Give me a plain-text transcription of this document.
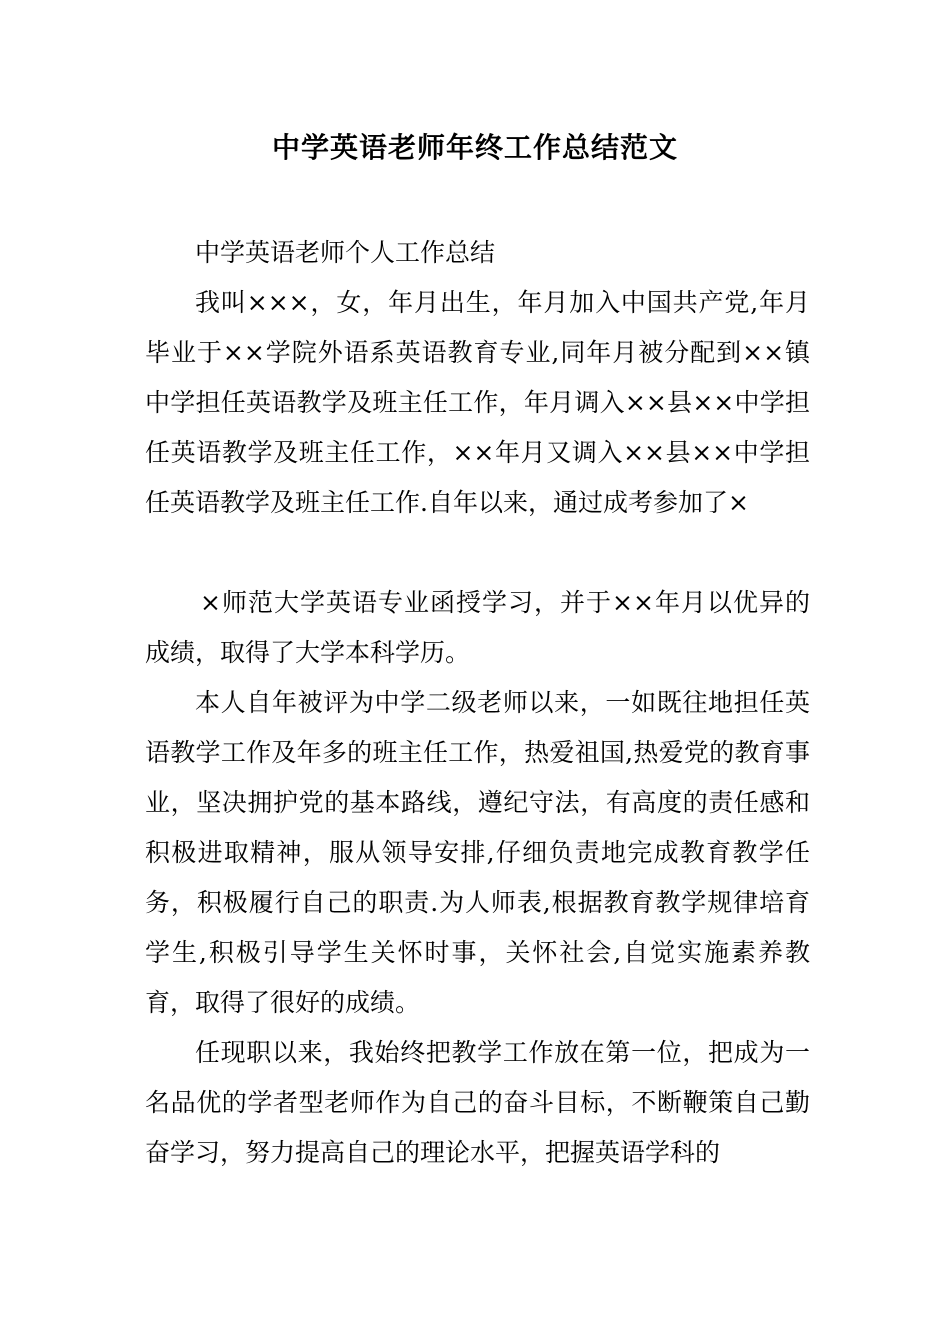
中学英语老师年终工作总结范文

中学英语老师个人工作总结

我叫×××，女，年月出生，年月加入中国共产党,年月毕业于××学院外语系英语教育专业,同年月被分配到××镇中学担任英语教学及班主任工作，年月调入××县××中学担任英语教学及班主任工作，××年月又调入××县××中学担任英语教学及班主任工作.自年以来，通过成考参加了×

×师范大学英语专业函授学习，并于××年月以优异的成绩，取得了大学本科学历。

本人自年被评为中学二级老师以来，一如既往地担任英语教学工作及年多的班主任工作，热爱祖国,热爱党的教育事业，坚决拥护党的基本路线，遵纪守法，有高度的责任感和积极进取精神，服从领导安排,仔细负责地完成教育教学任务，积极履行自己的职责.为人师表,根据教育教学规律培育学生,积极引导学生关怀时事，关怀社会,自觉实施素养教育，取得了很好的成绩。

任现职以来，我始终把教学工作放在第一位，把成为一名品优的学者型老师作为自己的奋斗目标，不断鞭策自己勤奋学习，努力提高自己的理论水平，把握英语学科的
